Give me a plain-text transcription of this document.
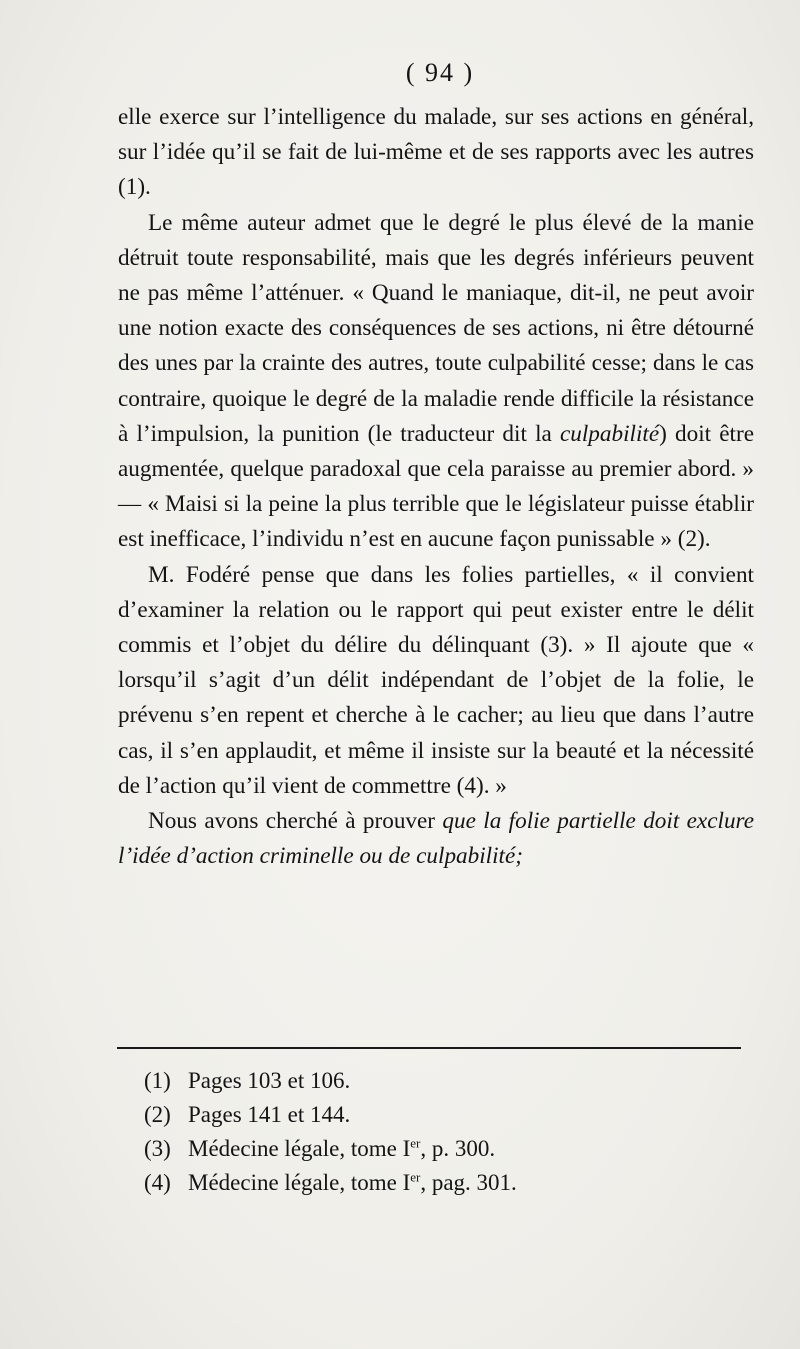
( 94 )

elle exerce sur l’intelligence du malade, sur ses actions en général, sur l’idée qu’il se fait de lui-même et de ses rapports avec les autres (1).

Le même auteur admet que le degré le plus élevé de la manie détruit toute responsabilité, mais que les degrés inférieurs peuvent ne pas même l’atténuer. « Quand le maniaque, dit-il, ne peut avoir une notion exacte des conséquences de ses actions, ni être détourné des unes par la crainte des autres, toute culpabilité cesse; dans le cas contraire, quoique le degré de la maladie rende difficile la résistance à l’impulsion, la punition (le traducteur dit la culpabilité) doit être augmentée, quelque paradoxal que cela paraisse au premier abord. » — « Maisi si la peine la plus terrible que le législateur puisse établir est inefficace, l’individu n’est en aucune façon punissable » (2).

M. Fodéré pense que dans les folies partielles, « il convient d’examiner la relation ou le rapport qui peut exister entre le délit commis et l’objet du délire du délinquant (3). » Il ajoute que « lorsqu’il s’agit d’un délit indépendant de l’objet de la folie, le prévenu s’en repent et cherche à le cacher; au lieu que dans l’autre cas, il s’en applaudit, et même il insiste sur la beauté et la nécessité de l’action qu’il vient de commettre (4). »

Nous avons cherché à prouver que la folie partielle doit exclure l’idée d’action criminelle ou de culpabilité;

(1) Pages 103 et 106.

(2) Pages 141 et 144.

(3) Médecine légale, tome Ier, p. 300.

(4) Médecine légale, tome Ier, pag. 301.
